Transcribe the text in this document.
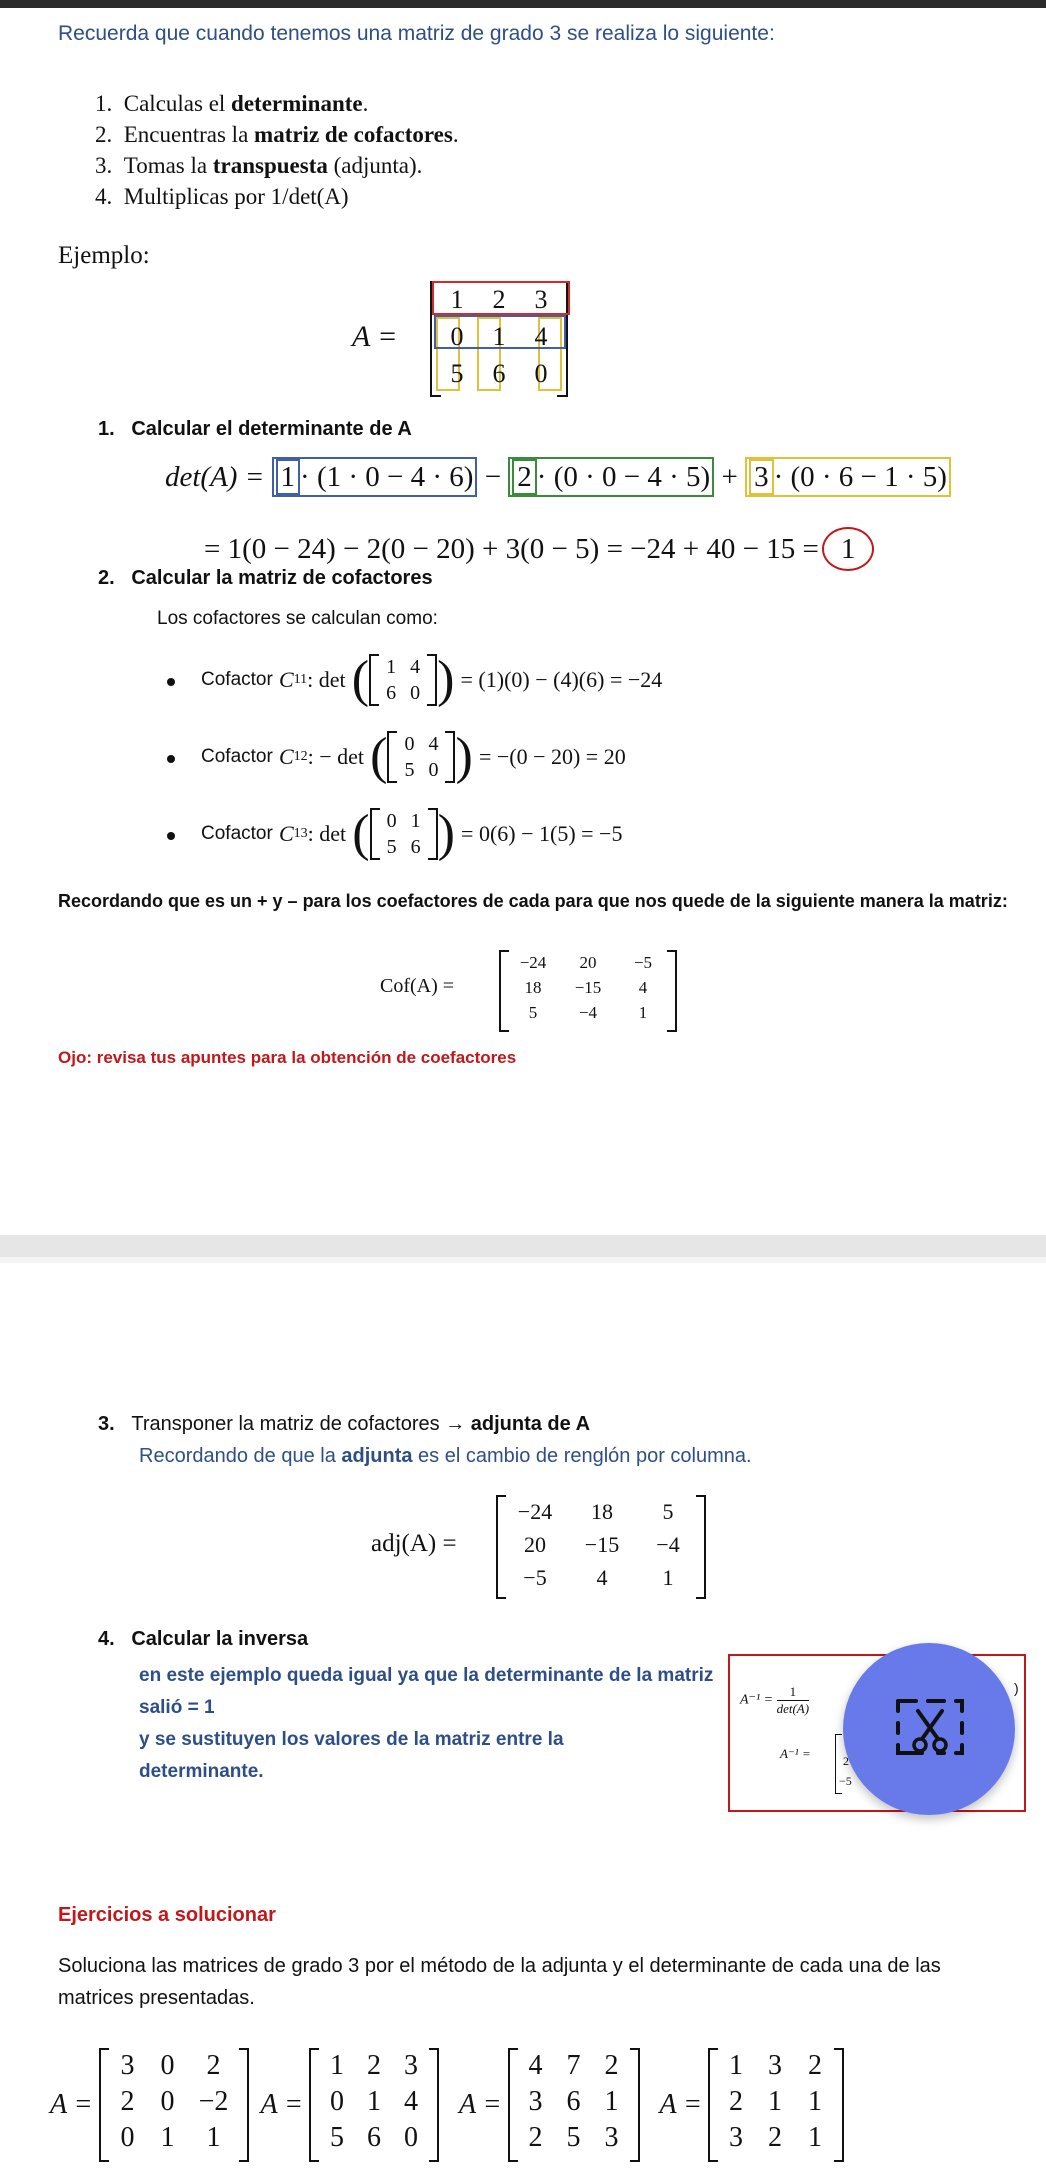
Recuerda que cuando tenemos una matriz de grado 3 se realiza lo siguiente:
1. Calculas el determinante.
2. Encuentras la matriz de cofactores.
3. Tomas la transpuesta (adjunta).
4. Multiplicas por 1/det(A)
Ejemplo:
A =
1 2 3
0 1 4
5 6 0
1. Calcular el determinante de A
det(A) = 1 · (1 · 0 − 4 · 6) − 2 · (0 · 0 − 4 · 5) + 3 · (0 · 6 − 1 · 5)
= 1(0 − 24) − 2(0 − 20) + 3(0 − 5) = −24 + 40 − 15 = 1
2. Calcular la matriz de cofactores
Los cofactores se calculan como:
Cofactor
C 11 : det
( 1 4
6 0 )
= (1)(0) − (4)(6) = −24
Cofactor
C 12 : − det
( 0 4
5 0 )
= −(0 − 20) = 20
Cofactor
C 13 : det
( 0 1
5 6 )
= 0(6) − 1(5) = −5
Recordando que es un + y – para los coefactores de cada para que nos quede de la siguiente manera la matriz:
Cof(A) =
−24 20 −5
18 −15 4
5 −4 1
Ojo: revisa tus apuntes para la obtención de coefactores
3. Transponer la matriz de cofactores → adjunta de A
Recordando de que la adjunta es el cambio de renglón por columna.
adj(A) =
−24 18 5
20 −15 −4
−5 4	1
4. Calcular la inversa
en este ejemplo queda igual ya que la determinante de la matriz salió = 1
y se sustituyen los valores de la matriz entre la determinante.
A⁻¹ =
1
det(A)
A⁻¹ =	2
−5
)
Ejercicios a solucionar
Soluciona las matrices de grado 3 por el método de la adjunta y el determinante de cada una de las matrices presentadas.
A =
3 0 2
2 0 −2
0 1 1
A =
1 2 3
0 1 4
5 6 0
A =
4 7 2
3 6 1
2 5 3
A =
1 3 2
2 1 1
3 2 1
